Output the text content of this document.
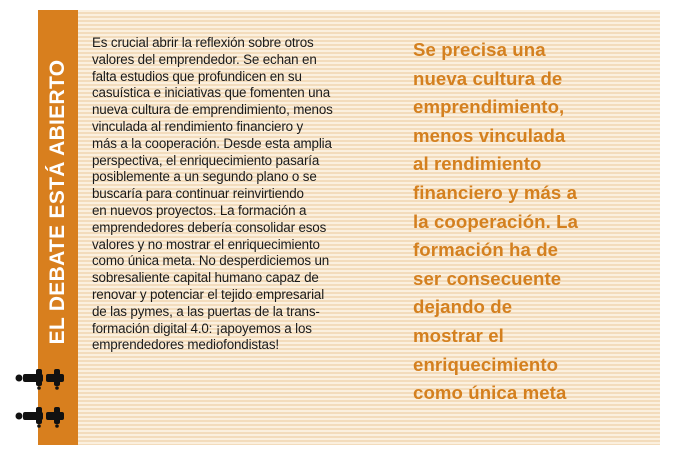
EL DEBATE ESTÁ ABIERTO

Es crucial abrir la reflexión sobre otros
valores del emprendedor. Se echan en
falta estudios que profundicen en su
casuística e iniciativas que fomenten una
nueva cultura de emprendimiento, menos
vinculada al rendimiento financiero y
más a la cooperación. Desde esta amplia
perspectiva, el enriquecimiento pasaría
posiblemente a un segundo plano o se
buscaría para continuar reinvirtiendo
en nuevos proyectos. La formación a
emprendedores debería consolidar esos
valores y no mostrar el enriquecimiento
como única meta. No desperdiciemos un
sobresaliente capital humano capaz de
renovar y potenciar el tejido empresarial
de las pymes, a las puertas de la trans-
formación digital 4.0: ¡apoyemos a los
emprendedores mediofondistas!

Se precisa una
nueva cultura de
emprendimiento,
menos vinculada
al rendimiento
financiero y más a
la cooperación. La
formación ha de
ser consecuente
dejando de
mostrar el
enriquecimiento
como única meta
